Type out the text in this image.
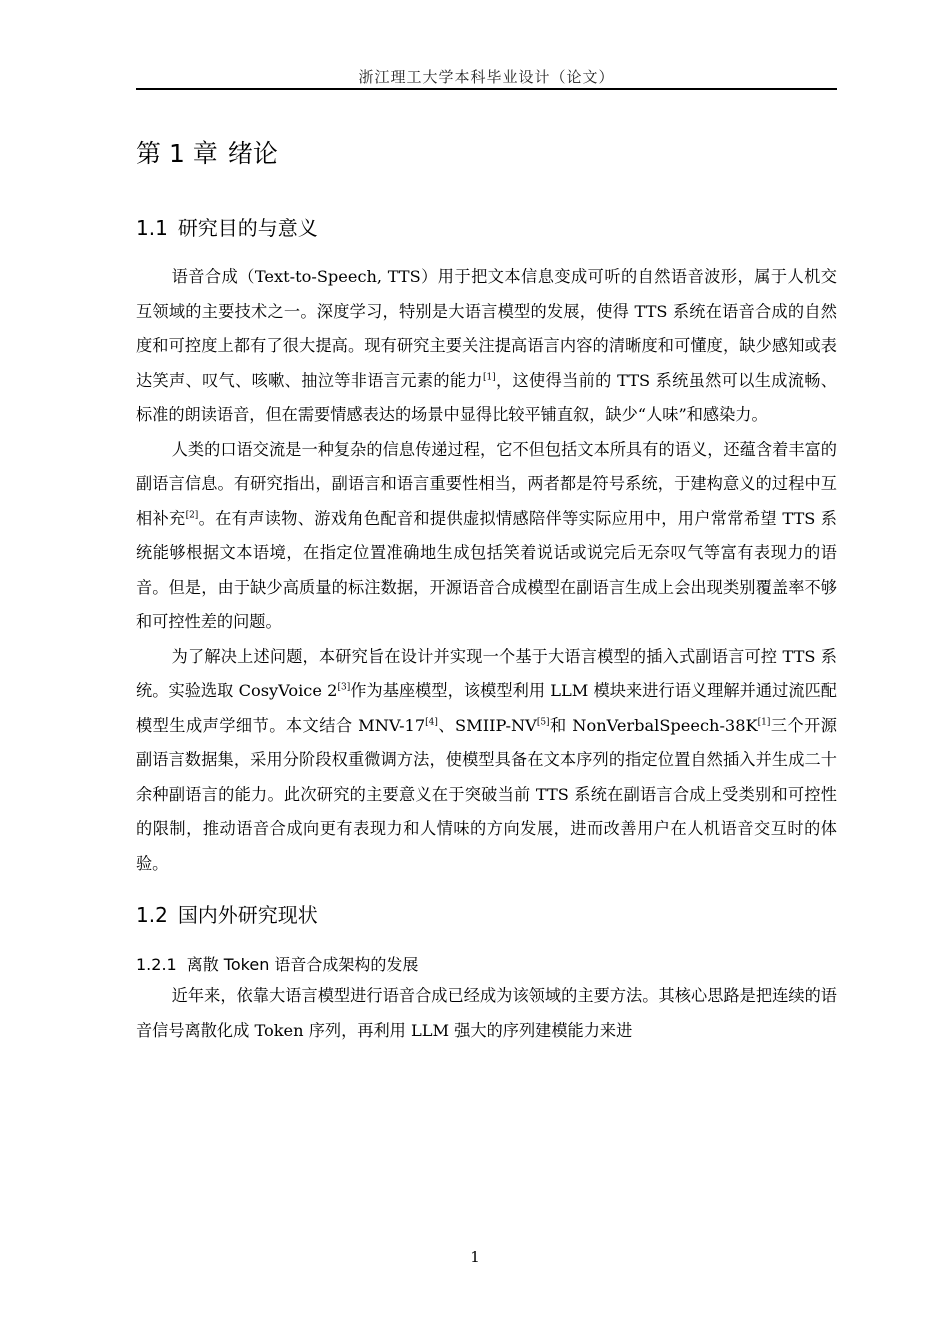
浙江理工大学本科毕业设计（论文）
第 1 章 绪论
1.1 研究目的与意义

语音合成（Text-to-Speech, TTS）用于把文本信息变成可听的自然语音波形，属于人机交互领域的主要技术之一。深度学习，特别是大语言模型的发展，使得 TTS 系统在语音合成的自然度和可控度上都有了很大提高。现有研究主要关注提高语言内容的清晰度和可懂度，缺少感知或表达笑声、叹气、咳嗽、抽泣等非语言元素的能力[1]，这使得当前的 TTS 系统虽然可以生成流畅、标准的朗读语音，但在需要情感表达的场景中显得比较平铺直叙，缺少“人味”和感染力。

人类的口语交流是一种复杂的信息传递过程，它不但包括文本所具有的语义，还蕴含着丰富的副语言信息。有研究指出，副语言和语言重要性相当，两者都是符号系统，于建构意义的过程中互相补充[2]。在有声读物、游戏角色配音和提供虚拟情感陪伴等实际应用中，用户常常希望 TTS 系统能够根据文本语境，在指定位置准确地生成包括笑着说话或说完后无奈叹气等富有表现力的语音。但是，由于缺少高质量的标注数据，开源语音合成模型在副语言生成上会出现类别覆盖率不够和可控性差的问题。

为了解决上述问题，本研究旨在设计并实现一个基于大语言模型的插入式副语言可控 TTS 系统。实验选取 CosyVoice 2[3]作为基座模型，该模型利用 LLM 模块来进行语义理解并通过流匹配模型生成声学细节。本文结合 MNV-17[4]、SMIIP-NV[5]和 NonVerbalSpeech-38K[1]三个开源副语言数据集，采用分阶段权重微调方法，使模型具备在文本序列的指定位置自然插入并生成二十余种副语言的能力。此次研究的主要意义在于突破当前 TTS 系统在副语言合成上受类别和可控性的限制，推动语音合成向更有表现力和人情味的方向发展，进而改善用户在人机语音交互时的体验。

1.2 国内外研究现状
1.2.1 离散 Token 语音合成架构的发展

近年来，依靠大语言模型进行语音合成已经成为该领域的主要方法。其核心思路是把连续的语音信号离散化成 Token 序列，再利用 LLM 强大的序列建模能力来进

1
